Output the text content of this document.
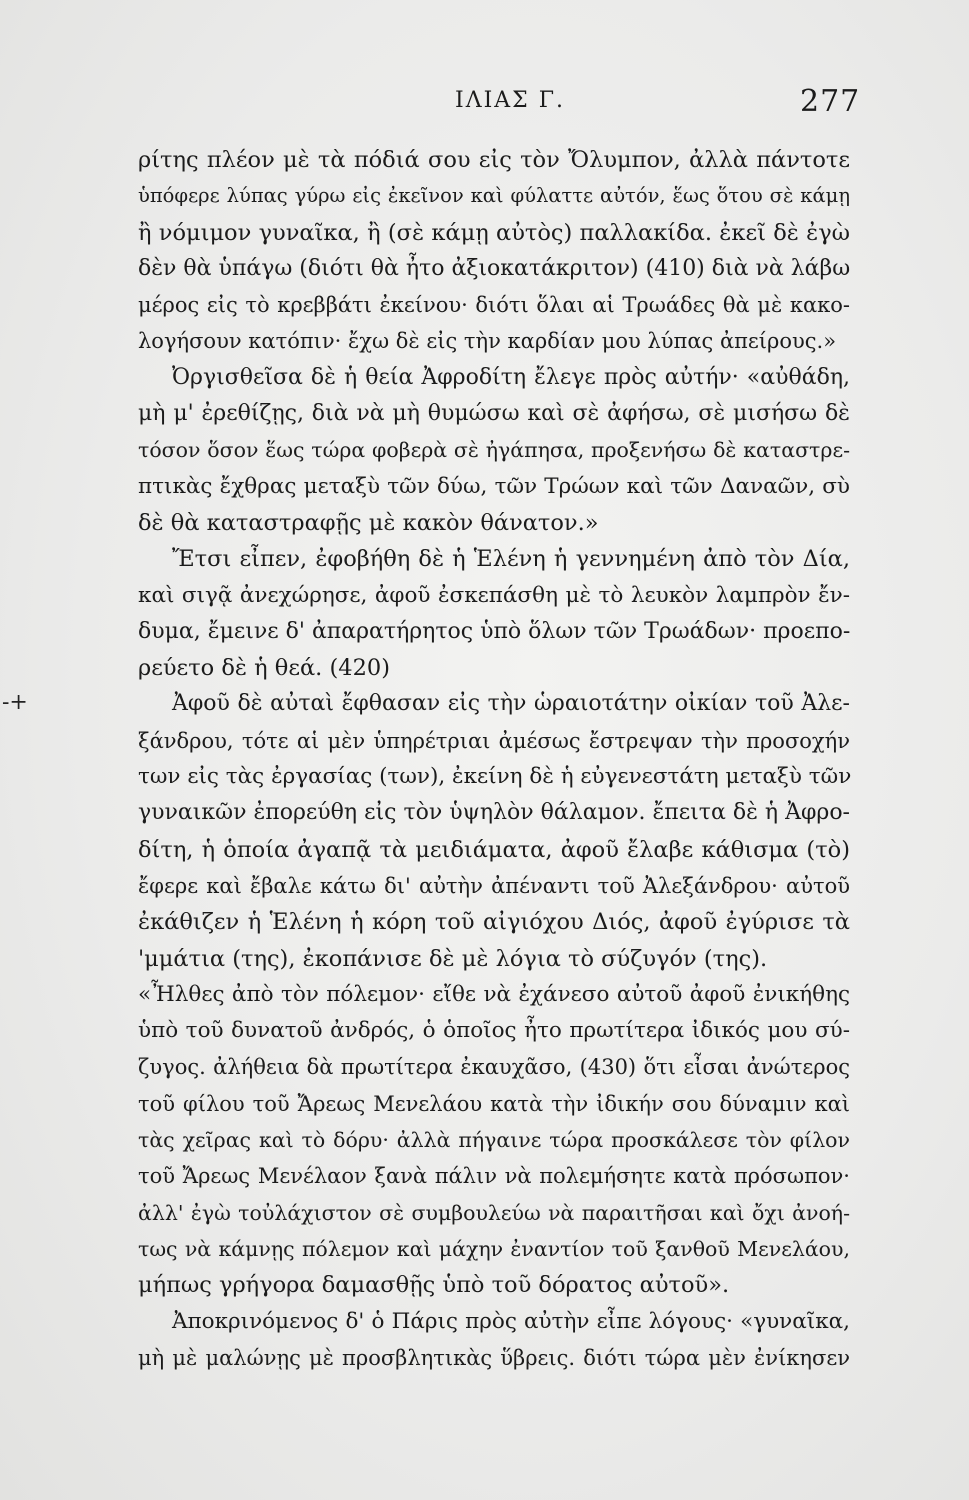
ΙΛΙΑΣ Γ.	277
-+
ρίτης πλέον μὲ τὰ πόδιά σου εἰς τὸν Ὄλυμπον, ἀλλὰ πάντοτε
ὑπόφερε λύπας γύρω εἰς ἐκεῖνον καὶ φύλαττε αὐτόν, ἕως ὅτου σὲ κάμῃ
ἢ νόμιμον γυναῖκα, ἢ (σὲ κάμῃ αὐτὸς) παλλακίδα. ἐκεῖ δὲ ἐγὼ
δὲν θὰ ὑπάγω (διότι θὰ ἦτο ἀξιοκατάκριτον) (410) διὰ νὰ λάβω
μέρος εἰς τὸ κρεββάτι ἐκείνου· διότι ὅλαι αἱ Τρωάδες θὰ μὲ κακο-
λογήσουν κατόπιν· ἔχω δὲ εἰς τὴν καρδίαν μου λύπας ἀπείρους.»
Ὀργισθεῖσα δὲ ἡ θεία Ἀφροδίτη ἔλεγε πρὸς αὐτήν· «αὐθάδη,
μὴ μ' ἐρεθίζῃς, διὰ νὰ μὴ θυμώσω καὶ σὲ ἀφήσω, σὲ μισήσω δὲ
τόσον ὅσον ἕως τώρα φοβερὰ σὲ ἠγάπησα, προξενήσω δὲ καταστρε-
πτικὰς ἔχθρας μεταξὺ τῶν δύω, τῶν Τρώων καὶ τῶν Δαναῶν, σὺ
δὲ θὰ καταστραφῇς μὲ κακὸν θάνατον.»
Ἔτσι εἶπεν, ἐφοβήθη δὲ ἡ Ἑλένη ἡ γεννημένη ἀπὸ τὸν Δία,
καὶ σιγᾷ ἀνεχώρησε, ἀφοῦ ἐσκεπάσθη μὲ τὸ λευκὸν λαμπρὸν ἔν-
δυμα, ἔμεινε δ' ἀπαρατήρητος ὑπὸ ὅλων τῶν Τρωάδων· προεπο-
ρεύετο δὲ ἡ θεά. (420)
Ἀφοῦ δὲ αὐταὶ ἔφθασαν εἰς τὴν ὡραιοτάτην οἰκίαν τοῦ Ἀλε-
ξάνδρου, τότε αἱ μὲν ὑπηρέτριαι ἀμέσως ἔστρεψαν τὴν προσοχήν
των εἰς τὰς ἐργασίας (των), ἐκείνη δὲ ἡ εὐγενεστάτη μεταξὺ τῶν
γυναικῶν ἐπορεύθη εἰς τὸν ὑψηλὸν θάλαμον. ἔπειτα δὲ ἡ Ἀφρο-
δίτη, ἡ ὁποία ἀγαπᾷ τὰ μειδιάματα, ἀφοῦ ἔλαβε κάθισμα (τὸ)
ἔφερε καὶ ἔβαλε κάτω δι' αὐτὴν ἀπέναντι τοῦ Ἀλεξάνδρου· αὐτοῦ
ἐκάθιζεν ἡ Ἑλένη ἡ κόρη τοῦ αἰγιόχου Διός, ἀφοῦ ἐγύρισε τὰ
'μμάτια (της), ἐκοπάνισε δὲ μὲ λόγια τὸ σύζυγόν (της).
«Ἦλθες ἀπὸ τὸν πόλεμον· εἴθε νὰ ἐχάνεσο αὐτοῦ ἀφοῦ ἐνικήθης
ὑπὸ τοῦ δυνατοῦ ἀνδρός, ὁ ὁποῖος ἦτο πρωτίτερα ἰδικός μου σύ-
ζυγος. ἀλήθεια δὰ πρωτίτερα ἐκαυχᾶσο, (430) ὅτι εἶσαι ἀνώτερος
τοῦ φίλου τοῦ Ἄρεως Μενελάου κατὰ τὴν ἰδικήν σου δύναμιν καὶ
τὰς χεῖρας καὶ τὸ δόρυ· ἀλλὰ πήγαινε τώρα προσκάλεσε τὸν φίλον
τοῦ Ἄρεως Μενέλαον ξανὰ πάλιν νὰ πολεμήσητε κατὰ πρόσωπον·
ἀλλ' ἐγὼ τοὐλάχιστον σὲ συμβουλεύω νὰ παραιτῆσαι καὶ ὄχι ἀνοή-
τως νὰ κάμνῃς πόλεμον καὶ μάχην ἐναντίον τοῦ ξανθοῦ Μενελάου,
μήπως γρήγορα δαμασθῇς ὑπὸ τοῦ δόρατος αὐτοῦ».
Ἀποκρινόμενος δ' ὁ Πάρις πρὸς αὐτὴν εἶπε λόγους· «γυναῖκα,
μὴ μὲ μαλώνῃς μὲ προσβλητικὰς ὕβρεις. διότι τώρα μὲν ἐνίκησεν
